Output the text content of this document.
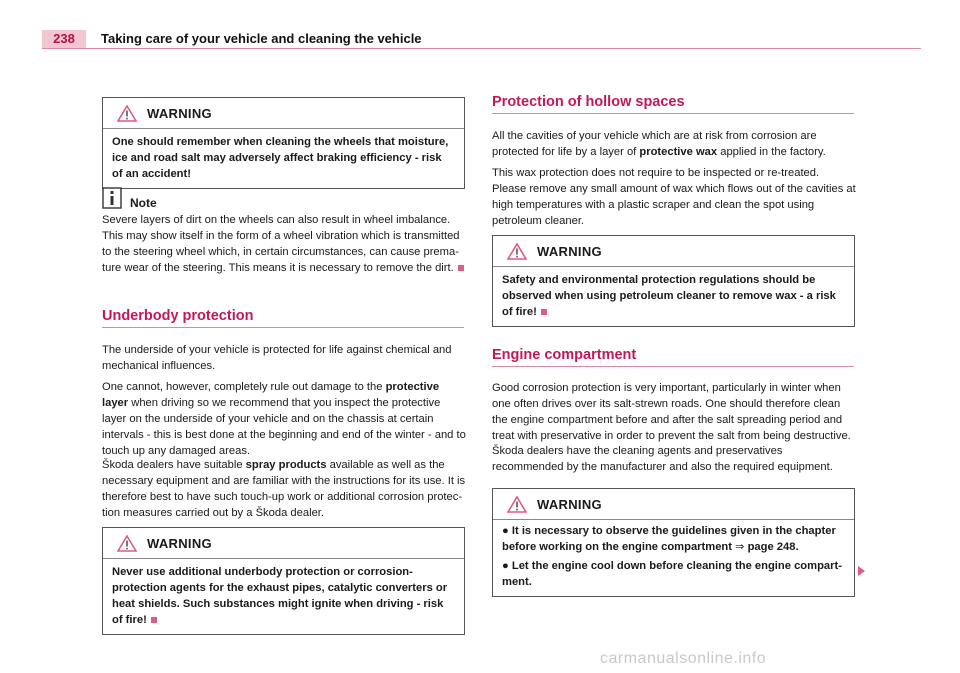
238	Taking care of your vehicle and cleaning the vehicle
WARNING
One should remember when cleaning the wheels that moisture, ice and road salt may adversely affect braking efficiency - risk of an accident!
Note
Severe layers of dirt on the wheels can also result in wheel imbalance. This may show itself in the form of a wheel vibration which is transmitted to the steering wheel which, in certain circumstances, can cause prema-ture wear of the steering. This means it is necessary to remove the dirt.
Underbody protection
The underside of your vehicle is protected for life against chemical and mechanical influences.
One cannot, however, completely rule out damage to the protective layer when driving so we recommend that you inspect the protective layer on the underside of your vehicle and on the chassis at certain intervals - this is best done at the beginning and end of the winter - and to touch up any damaged areas.
Škoda dealers have suitable spray products available as well as the necessary equipment and are familiar with the instructions for its use. It is therefore best to have such touch-up work or additional corrosion protec-tion measures carried out by a Škoda dealer.
WARNING
Never use additional underbody protection or corrosion-protection agents for the exhaust pipes, catalytic converters or heat shields. Such substances might ignite when driving - risk of fire!
Protection of hollow spaces
All the cavities of your vehicle which are at risk from corrosion are protected for life by a layer of protective wax applied in the factory.
This wax protection does not require to be inspected or re-treated. Please remove any small amount of wax which flows out of the cavities at high temperatures with a plastic scraper and clean the spot using petroleum cleaner.
WARNING
Safety and environmental protection regulations should be observed when using petroleum cleaner to remove wax - a risk of fire!
Engine compartment
Good corrosion protection is very important, particularly in winter when one often drives over its salt-strewn roads. One should therefore clean the engine compartment before and after the salt spreading period and treat with preservative in order to prevent the salt from being destructive.
Škoda dealers have the cleaning agents and preservatives recommended by the manufacturer and also the required equipment.
WARNING
● It is necessary to observe the guidelines given in the chapter before working on the engine compartment ⇒ page 248.
● Let the engine cool down before cleaning the engine compart-ment.
carmanualsonline.info
